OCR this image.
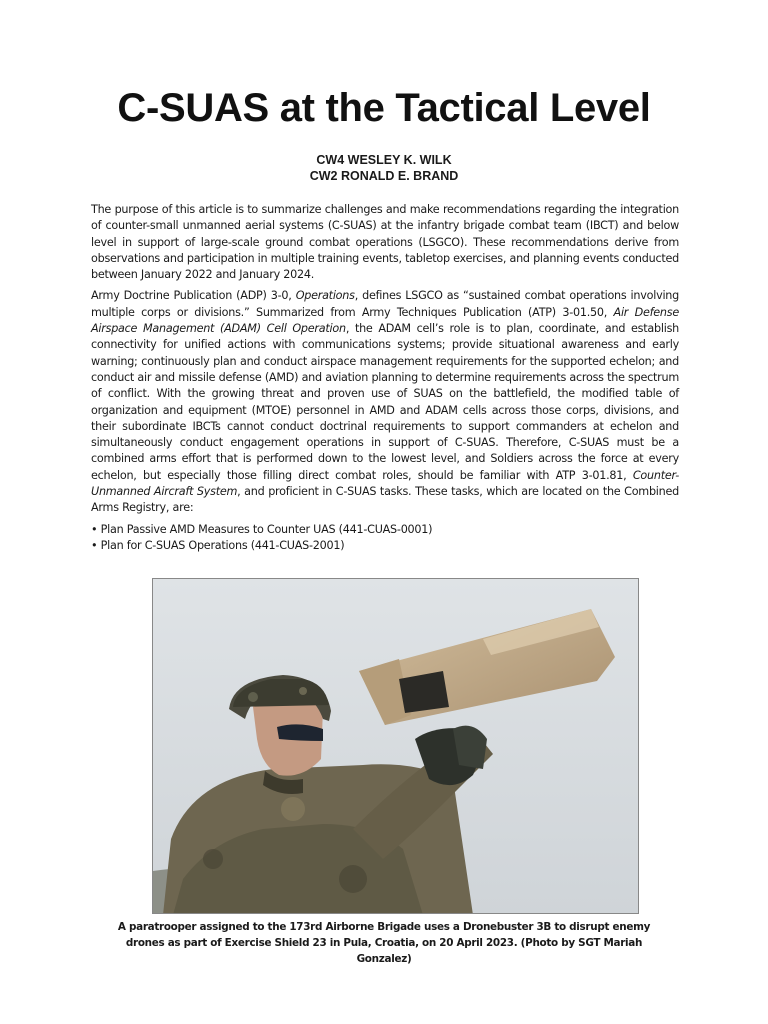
C-SUAS at the Tactical Level
CW4 WESLEY K. WILK
CW2 RONALD E. BRAND

The purpose of this article is to summarize challenges and make recommendations regarding the integration of counter-small unmanned aerial systems (C-SUAS) at the infantry brigade combat team (IBCT) and below level in support of large-scale ground combat operations (LSGCO). These recommendations derive from observations and participation in multiple training events, tabletop exercises, and planning events conducted between January 2022 and January 2024.

Army Doctrine Publication (ADP) 3-0, Operations, defines LSGCO as “sustained combat operations involving multiple corps or divisions.” Summarized from Army Techniques Publication (ATP) 3-01.50, Air Defense Airspace Management (ADAM) Cell Operation, the ADAM cell’s role is to plan, coordinate, and establish connectivity for unified actions with communications systems; provide situational awareness and early warning; continuously plan and conduct airspace management requirements for the supported echelon; and conduct air and missile defense (AMD) and aviation planning to determine requirements across the spectrum of conflict. With the growing threat and proven use of SUAS on the battlefield, the modified table of organization and equipment (MTOE) personnel in AMD and ADAM cells across those corps, divisions, and their subordinate IBCTs cannot conduct doctrinal requirements to support commanders at echelon and simultaneously conduct engagement operations in support of C-SUAS. Therefore, C-SUAS must be a combined arms effort that is performed down to the lowest level, and Soldiers across the force at every echelon, but especially those filling direct combat roles, should be familiar with ATP 3-01.81, Counter-Unmanned Aircraft System, and proficient in C-SUAS tasks. These tasks, which are located on the Combined Arms Registry, are:

• Plan Passive AMD Measures to Counter UAS (441-CUAS-0001)
• Plan for C-SUAS Operations (441-CUAS-2001)
A paratrooper assigned to the 173rd Airborne Brigade uses a Dronebuster 3B to disrupt enemy drones as part of Exercise Shield 23 in Pula, Croatia, on 20 April 2023. (Photo by SGT Mariah Gonzalez)
